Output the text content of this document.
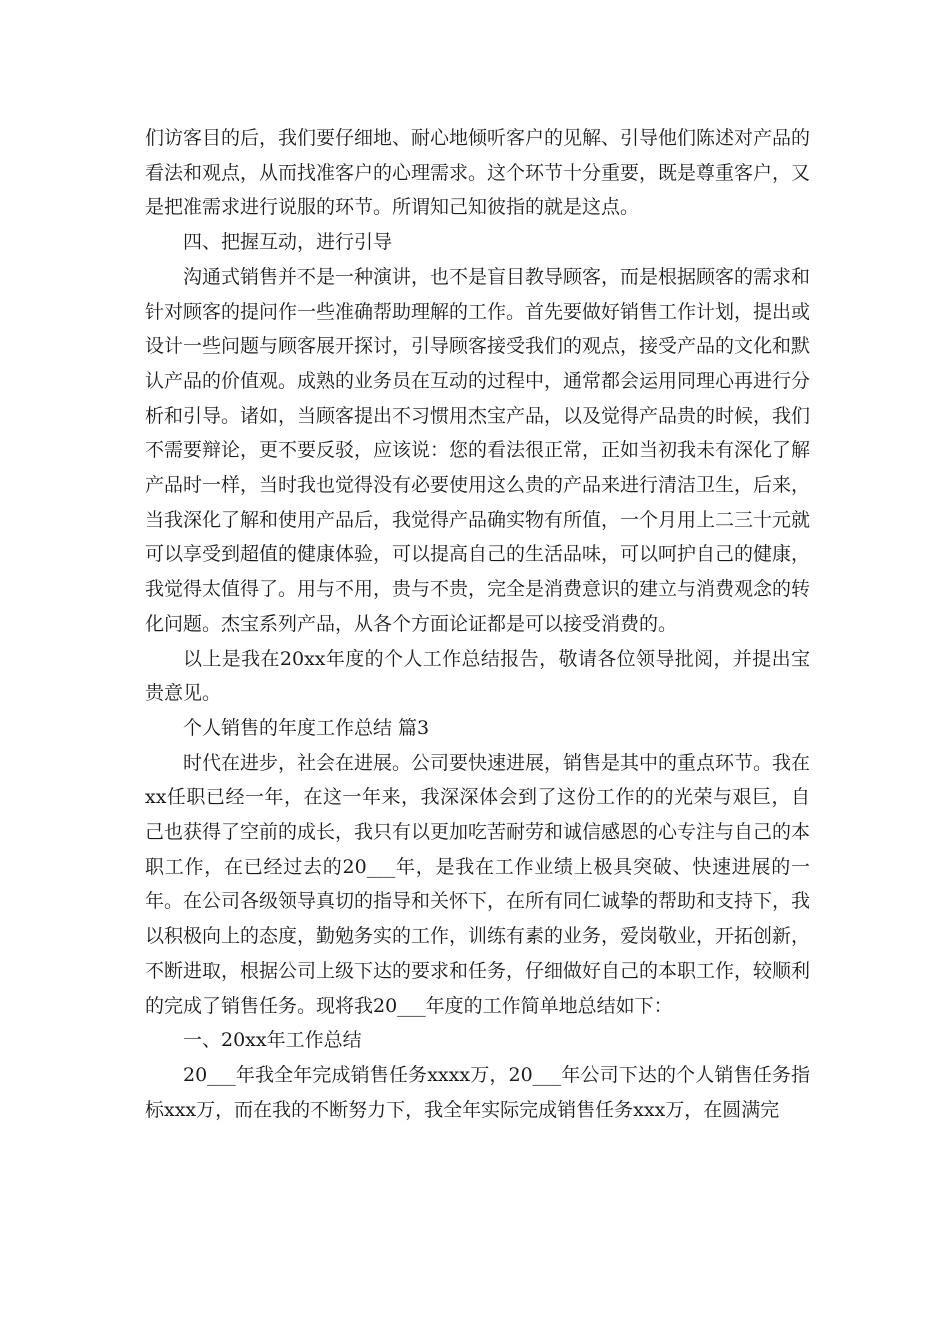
们访客目的后，我们要仔细地、耐心地倾听客户的见解、引导他们陈述对产品的看法和观点，从而找准客户的心理需求。这个环节十分重要，既是尊重客户，又是把准需求进行说服的环节。所谓知己知彼指的就是这点。

四、把握互动，进行引导

沟通式销售并不是一种演讲，也不是盲目教导顾客，而是根据顾客的需求和针对顾客的提问作一些准确帮助理解的工作。首先要做好销售工作计划，提出或设计一些问题与顾客展开探讨，引导顾客接受我们的观点，接受产品的文化和默认产品的价值观。成熟的业务员在互动的过程中，通常都会运用同理心再进行分析和引导。诸如，当顾客提出不习惯用杰宝产品，以及觉得产品贵的时候，我们不需要辩论，更不要反驳，应该说：您的看法很正常，正如当初我未有深化了解产品时一样，当时我也觉得没有必要使用这么贵的产品来进行清洁卫生，后来，当我深化了解和使用产品后，我觉得产品确实物有所值，一个月用上二三十元就可以享受到超值的健康体验，可以提高自己的生活品味，可以呵护自己的健康，我觉得太值得了。用与不用，贵与不贵，完全是消费意识的建立与消费观念的转化问题。杰宝系列产品，从各个方面论证都是可以接受消费的。

以上是我在20xx年度的个人工作总结报告，敬请各位领导批阅，并提出宝贵意见。

个人销售的年度工作总结 篇3

时代在进步，社会在进展。公司要快速进展，销售是其中的重点环节。我在xx任职已经一年，在这一年来，我深深体会到了这份工作的的光荣与艰巨，自己也获得了空前的成长，我只有以更加吃苦耐劳和诚信感恩的心专注与自己的本职工作，在已经过去的20___年，是我在工作业绩上极具突破、快速进展的一年。在公司各级领导真切的指导和关怀下，在所有同仁诚挚的帮助和支持下，我以积极向上的态度，勤勉务实的工作，训练有素的业务，爱岗敬业，开拓创新，不断进取，根据公司上级下达的要求和任务，仔细做好自己的本职工作，较顺利的完成了销售任务。现将我20___年度的工作简单地总结如下：

一、20xx年工作总结

20___年我全年完成销售任务xxxx万，20___年公司下达的个人销售任务指标xxx万，而在我的不断努力下，我全年实际完成销售任务xxx万，在圆满完
